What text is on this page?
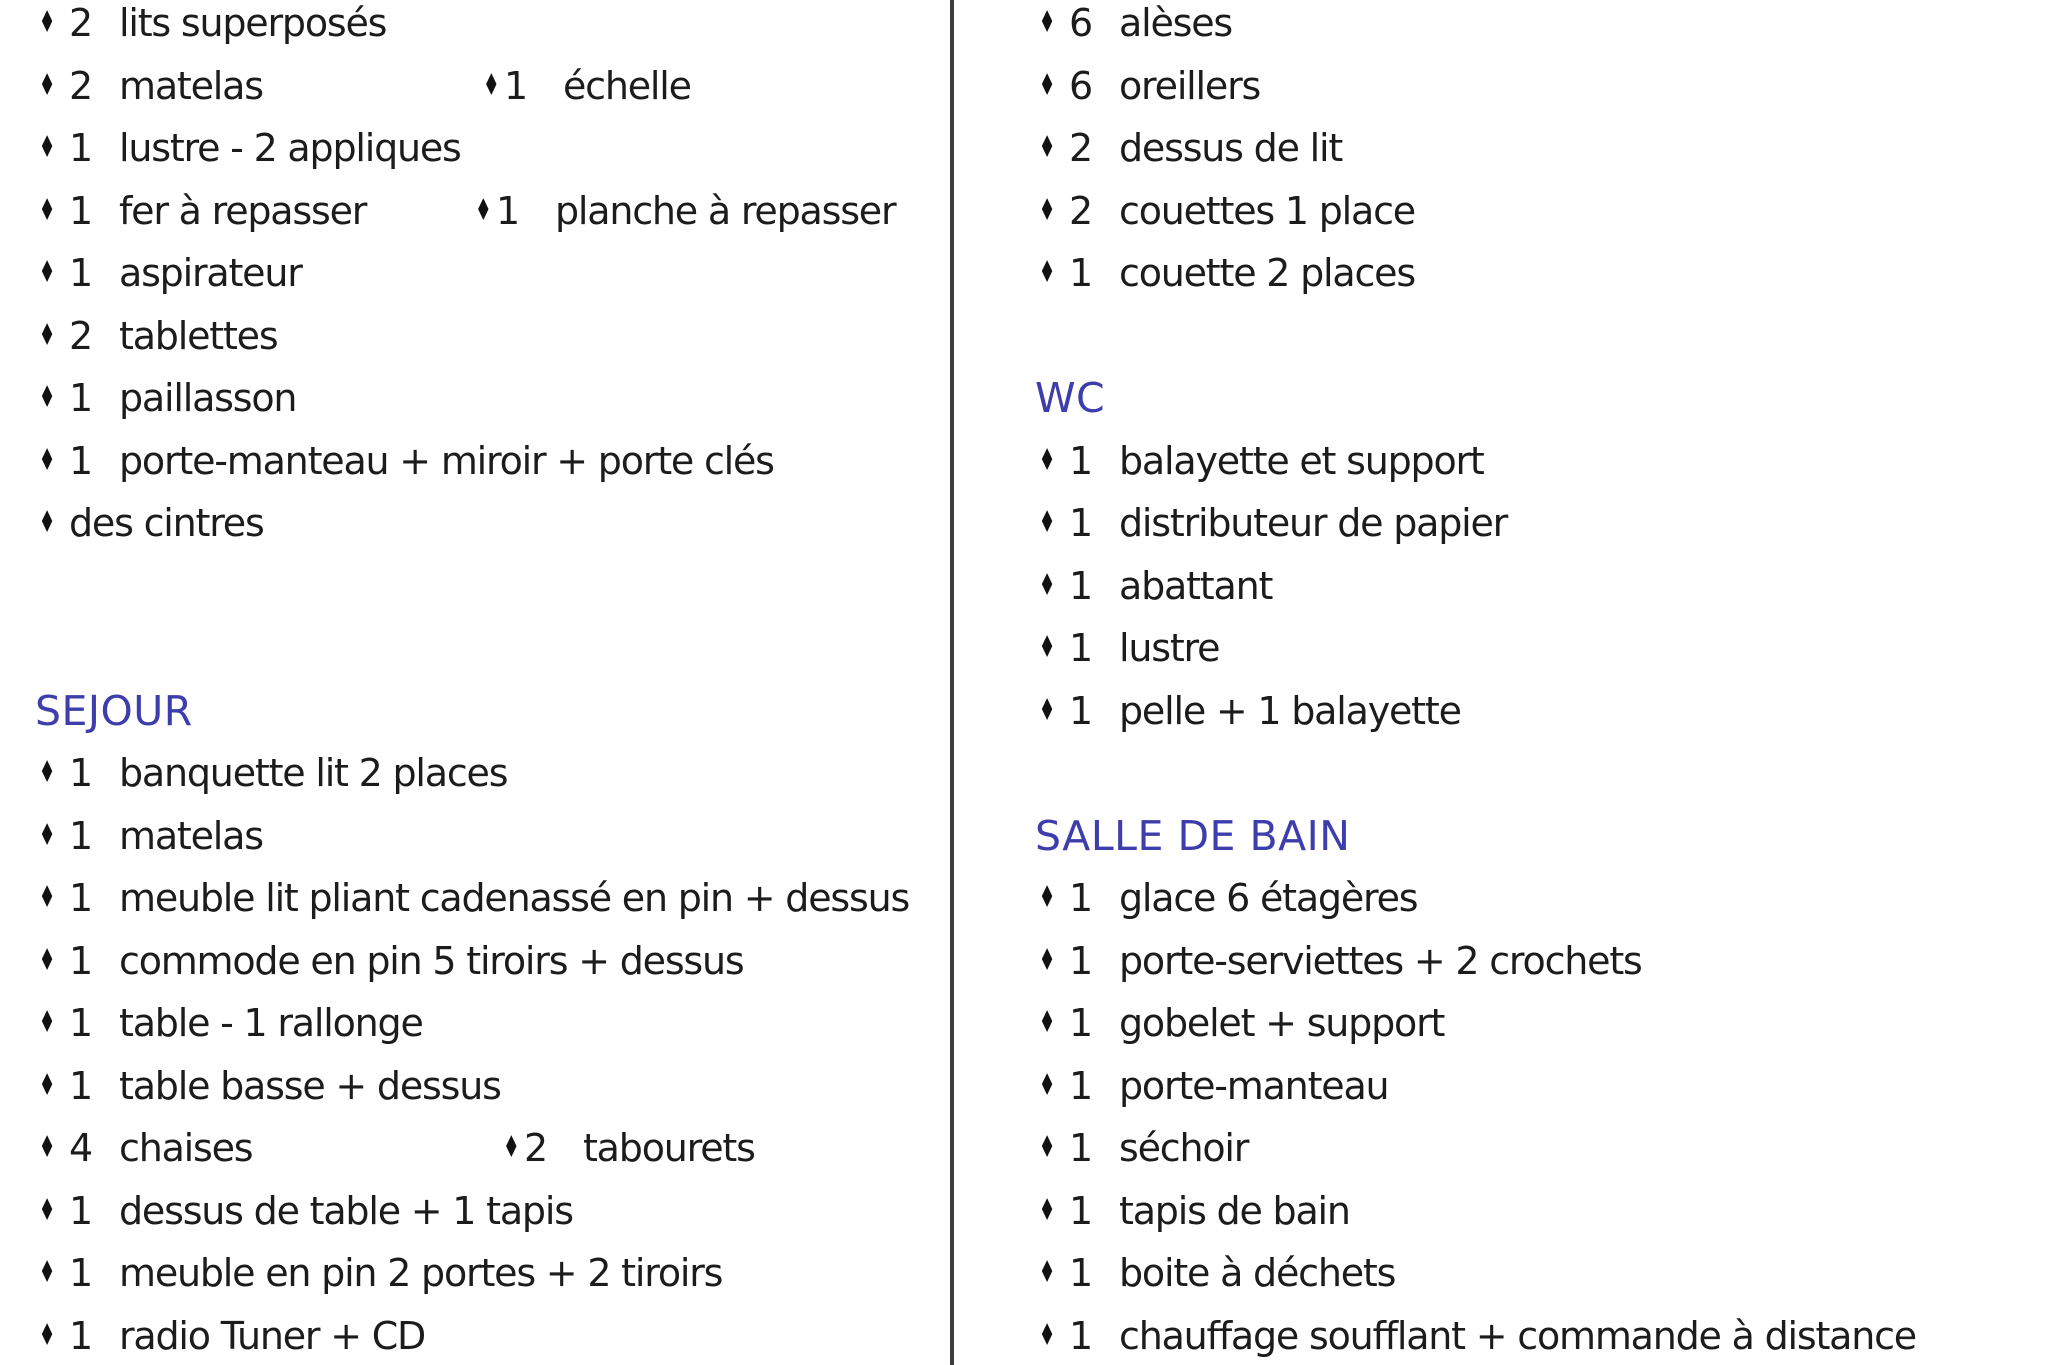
♦ 2 lits superposés
♦ 2 matelas	♦ 1 échelle
♦ 1 lustre - 2 appliques
♦ 1 fer à repasser	♦ 1 planche à repasser
♦ 1 aspirateur
♦ 2 tablettes
♦ 1 paillasson
♦ 1 porte-manteau + miroir + porte clés
♦ des cintres
SEJOUR
♦ 1 banquette lit 2 places
♦ 1 matelas
♦ 1 meuble lit pliant cadenassé en pin + dessus
♦ 1 commode en pin 5 tiroirs + dessus
♦ 1 table - 1 rallonge
♦ 1 table basse + dessus
♦ 4 chaises	♦ 2 tabourets
♦ 1 dessus de table + 1 tapis
♦ 1 meuble en pin 2 portes + 2 tiroirs
♦ 1 radio Tuner + CD
♦ 6 alèses
♦ 6 oreillers
♦ 2 dessus de lit
♦ 2 couettes 1 place
♦ 1 couette 2 places
WC
♦ 1 balayette et support
♦ 1 distributeur de papier
♦ 1 abattant
♦ 1 lustre
♦ 1 pelle + 1 balayette
SALLE DE BAIN
♦ 1 glace 6 étagères
♦ 1 porte-serviettes + 2 crochets
♦ 1 gobelet + support
♦ 1 porte-manteau
♦ 1 séchoir
♦ 1 tapis de bain
♦ 1 boite à déchets
♦ 1 chauffage soufflant + commande à distance
